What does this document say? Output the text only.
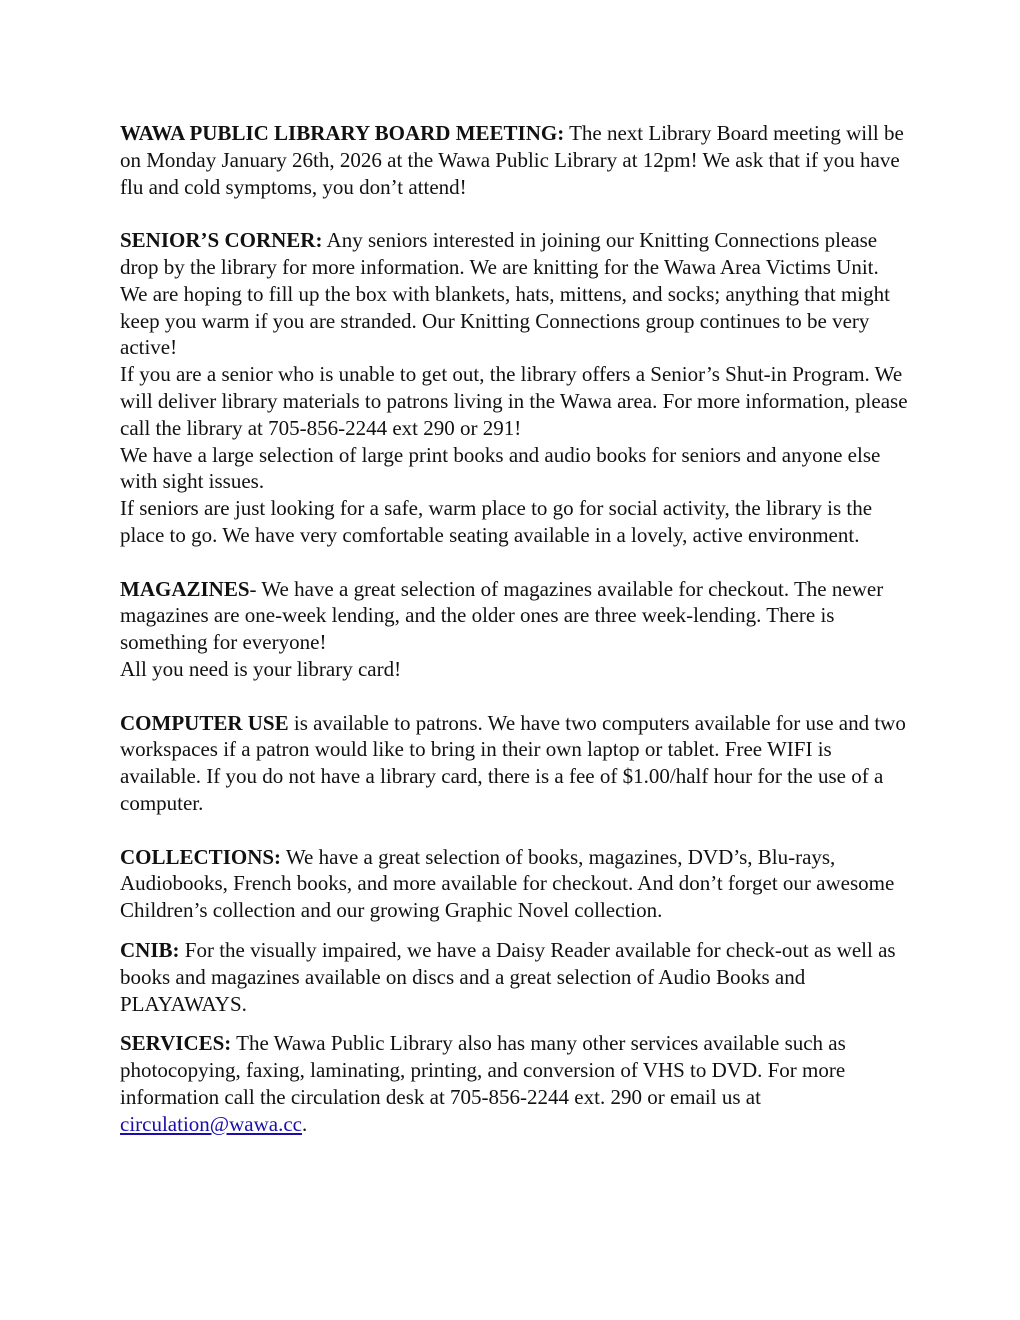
WAWA PUBLIC LIBRARY BOARD MEETING: The next Library Board meeting will be on Monday January 26th, 2026 at the Wawa Public Library at 12pm! We ask that if you have flu and cold symptoms, you don’t attend!

SENIOR’S CORNER: Any seniors interested in joining our Knitting Connections please drop by the library for more information. We are knitting for the Wawa Area Victims Unit. We are hoping to fill up the box with blankets, hats, mittens, and socks; anything that might keep you warm if you are stranded. Our Knitting Connections group continues to be very active!

If you are a senior who is unable to get out, the library offers a Senior’s Shut-in Program. We will deliver library materials to patrons living in the Wawa area. For more information, please call the library at 705-856-2244 ext 290 or 291!

We have a large selection of large print books and audio books for seniors and anyone else with sight issues.

If seniors are just looking for a safe, warm place to go for social activity, the library is the place to go. We have very comfortable seating available in a lovely, active environment.

MAGAZINES- We have a great selection of magazines available for checkout. The newer magazines are one-week lending, and the older ones are three week-lending. There is something for everyone!

All you need is your library card!

COMPUTER USE is available to patrons. We have two computers available for use and two workspaces if a patron would like to bring in their own laptop or tablet. Free WIFI is available. If you do not have a library card, there is a fee of $1.00/half hour for the use of a computer.

COLLECTIONS: We have a great selection of books, magazines, DVD’s, Blu-rays, Audiobooks, French books, and more available for checkout. And don’t forget our awesome Children’s collection and our growing Graphic Novel collection.

CNIB: For the visually impaired, we have a Daisy Reader available for check-out as well as books and magazines available on discs and a great selection of Audio Books and PLAYAWAYS.

SERVICES: The Wawa Public Library also has many other services available such as photocopying, faxing, laminating, printing, and conversion of VHS to DVD. For more information call the circulation desk at 705-856-2244 ext. 290 or email us at circulation@wawa.cc.
